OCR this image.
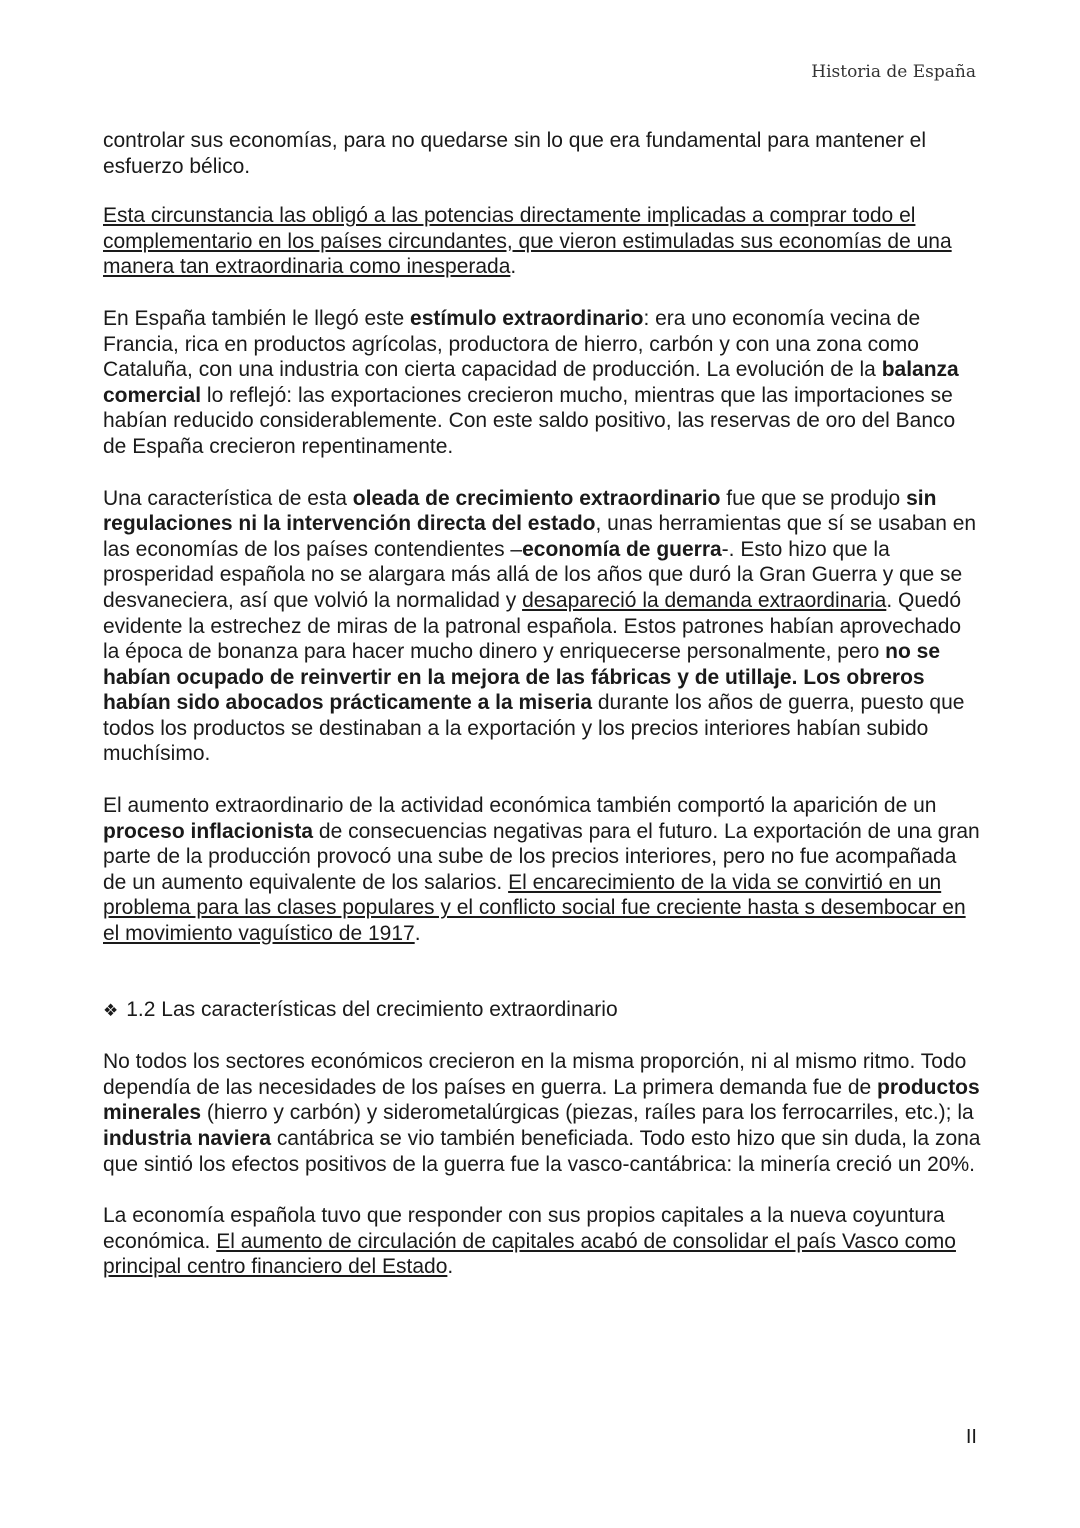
Historia de España

controlar sus economías, para no quedarse sin lo que era fundamental para mantener el esfuerzo bélico.

Esta circunstancia las obligó a las potencias directamente implicadas a comprar todo el complementario en los países circundantes, que vieron estimuladas sus economías de una manera tan extraordinaria como inesperada.

En España también le llegó este estímulo extraordinario: era uno economía vecina de Francia, rica en productos agrícolas, productora de hierro, carbón y con una zona como Cataluña, con una industria con cierta capacidad de producción. La evolución de la balanza comercial lo reflejó: las exportaciones crecieron mucho, mientras que las importaciones se habían reducido considerablemente. Con este saldo positivo, las reservas de oro del Banco de España crecieron repentinamente.

Una característica de esta oleada de crecimiento extraordinario fue que se produjo sin regulaciones ni la intervención directa del estado, unas herramientas que sí se usaban en las economías de los países contendientes –economía de guerra-. Esto hizo que la prosperidad española no se alargara más allá de los años que duró la Gran Guerra y que se desvaneciera, así que volvió la normalidad y desapareció la demanda extraordinaria. Quedó evidente la estrechez de miras de la patronal española. Estos patrones habían aprovechado la época de bonanza para hacer mucho dinero y enriquecerse personalmente, pero no se habían ocupado de reinvertir en la mejora de las fábricas y de utillaje. Los obreros habían sido abocados prácticamente a la miseria durante los años de guerra, puesto que todos los productos se destinaban a la exportación y los precios interiores habían subido muchísimo.

El aumento extraordinario de la actividad económica también comportó la aparición de un proceso inflacionista de consecuencias negativas para el futuro. La exportación de una gran parte de la producción provocó una sube de los precios interiores, pero no fue acompañada de un aumento equivalente de los salarios. El encarecimiento de la vida se convirtió en un problema para las clases populares y el conflicto social fue creciente hasta s desembocar en el movimiento vaguístico de 1917.

❖ 1.2 Las características del crecimiento extraordinario

No todos los sectores económicos crecieron en la misma proporción, ni al mismo ritmo. Todo dependía de las necesidades de los países en guerra. La primera demanda fue de productos minerales (hierro y carbón) y siderometalúrgicas (piezas, raíles para los ferrocarriles, etc.); la industria naviera cantábrica se vio también beneficiada. Todo esto hizo que sin duda, la zona que sintió los efectos positivos de la guerra fue la vasco-cantábrica: la minería creció un 20%.

La economía española tuvo que responder con sus propios capitales a la nueva coyuntura económica. El aumento de circulación de capitales acabó de consolidar el país Vasco como principal centro financiero del Estado.

II
